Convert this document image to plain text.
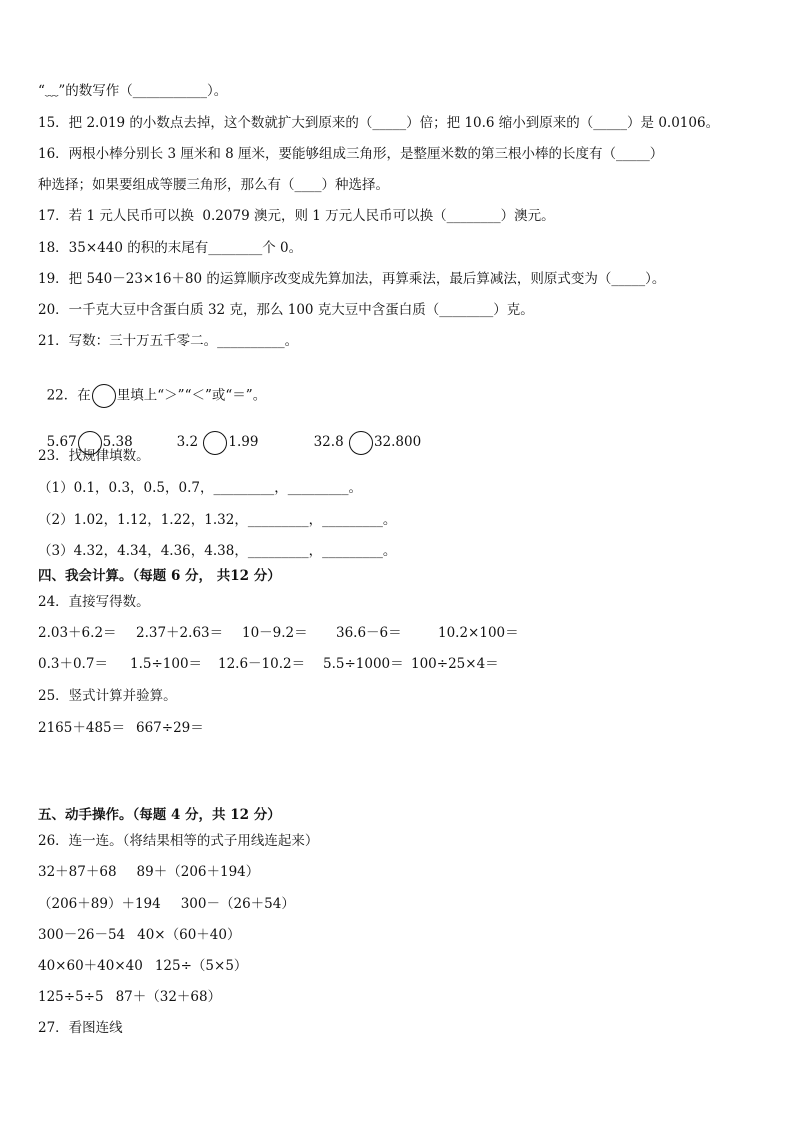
“﹏”的数写作（___________）。
15．把 2.019 的小数点去掉，这个数就扩大到原来的（_____）倍；把 10.6 缩小到原来的（_____）是 0.0106。
16．两根小棒分别长 3 厘米和 8 厘米，要能够组成三角形，是整厘米数的第三根小棒的长度有（_____）
种选择；如果要组成等腰三角形，那么有（____）种选择。
17．若 1 元人民币可以换  0.2079 澳元，则 1 万元人民币可以换（________）澳元。
18．35×440 的积的末尾有________个 0。
19．把 540－23×16＋80 的运算顺序改变成先算加法，再算乘法，最后算减法，则原式变为（_____）。
20．一千克大豆中含蛋白质 32 克，那么 100 克大豆中含蛋白质（________）克。
21．写数：三十万五千零二。__________。

22．在 里填上“＞”“＜”或“＝”。

5.67 5.38	3.2 1.99	32.8 32.800

23．找规律填数。
（1）0.1，0.3，0.5，0.7，_________，_________。
（2）1.02，1.12，1.22，1.32，_________，_________。
（3）4.32，4.34，4.36，4.38，_________，_________。
四、我会计算。（每题 6 分， 共12 分）
24．直接写得数。
2.03＋6.2＝ 2.37＋2.63＝ 10－9.2＝ 36.6－6＝	10.2×100＝
0.3＋0.7＝ 1.5÷100＝ 12.6－10.2＝ 5.5÷1000＝ 100÷25×4＝
25．竖式计算并验算。
2165＋485＝ 667÷29＝
五、动手操作。（每题 4 分，共 12 分）
26．连一连。（将结果相等的式子用线连起来）
32＋87＋68 89＋（206＋194）
（206＋89）＋194 300－（26＋54）
300－26－54 40×（60＋40）
40×60＋40×40 125÷（5×5）
125÷5÷5 87＋（32＋68）
27．看图连线
